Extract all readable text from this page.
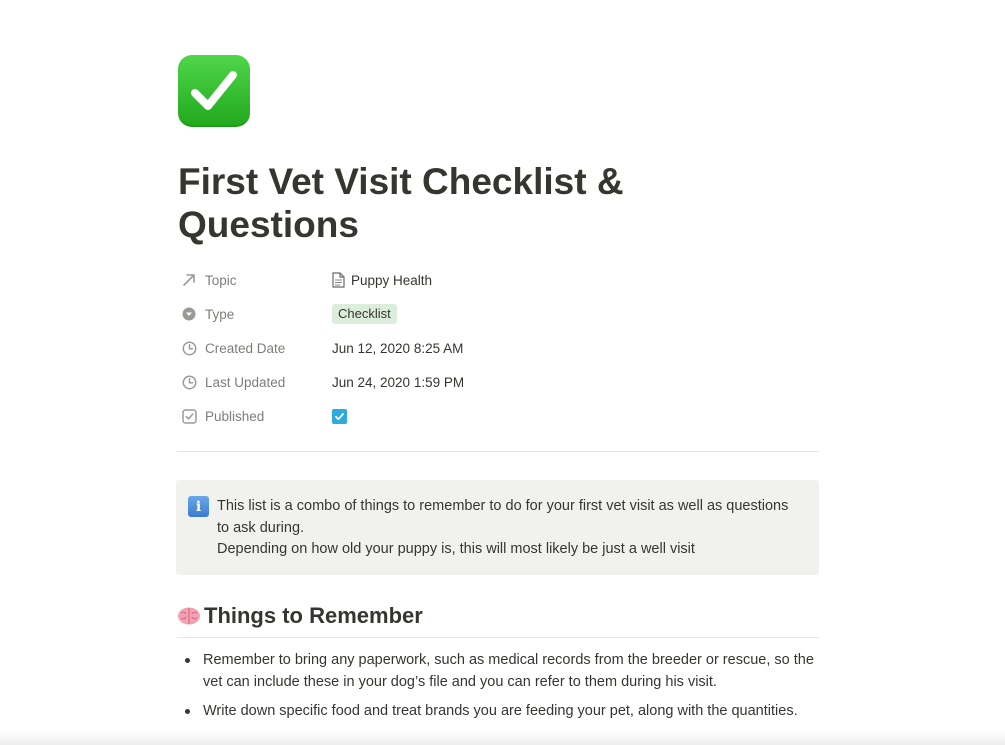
First Vet Visit Checklist & Questions
Topic	Puppy Health
Type	Checklist
Created Date	Jun 12, 2020 8:25 AM
Last Updated	Jun 24, 2020 1:59 PM
Published
i	This list is a combo of things to remember to do for your first vet visit as well as questions to ask during.

Depending on how old your puppy is, this will most likely be just a well visit

Things to Remember
Remember to bring any paperwork, such as medical records from the breeder or rescue, so the vet can include these in your dog’s file and you can refer to them during his visit.
Write down specific food and treat brands you are feeding your pet, along with the quantities.
